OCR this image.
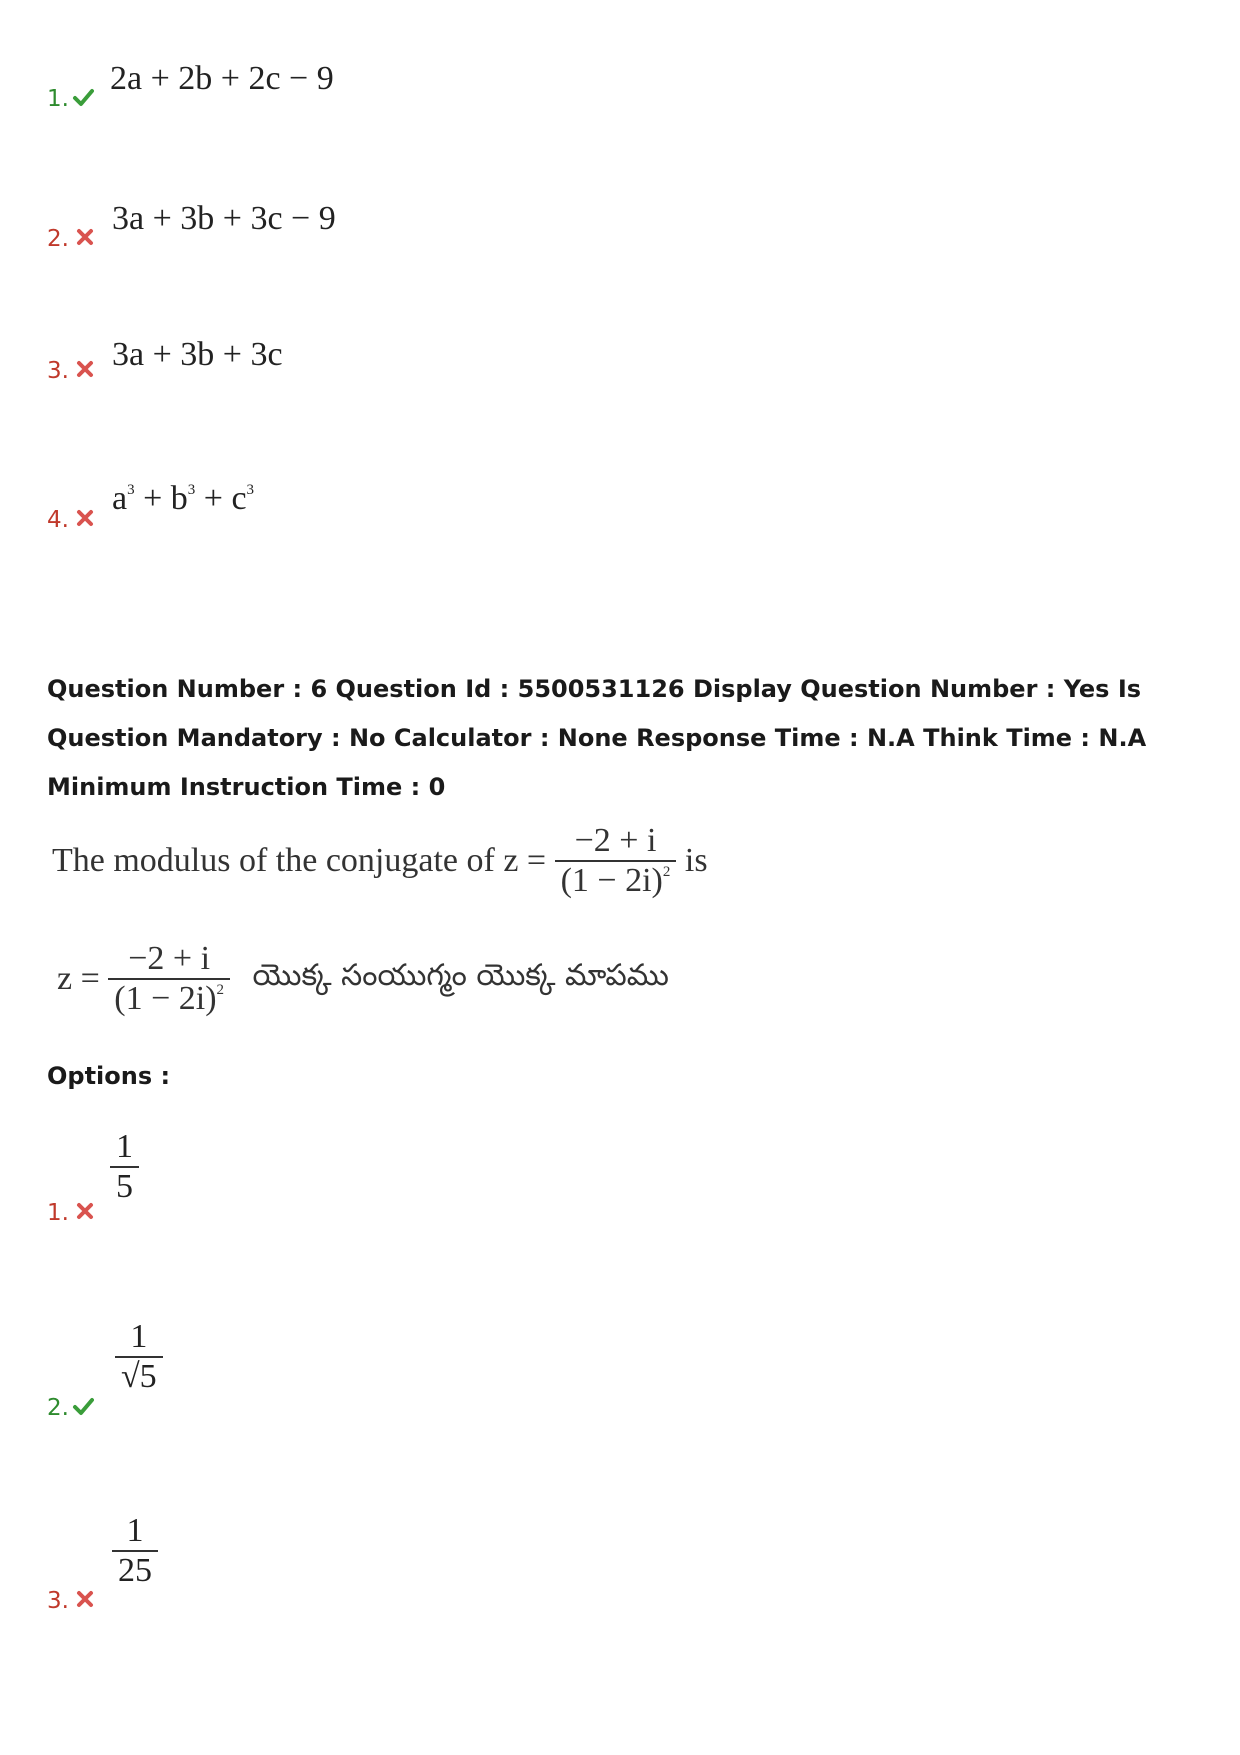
1.
2a + 2b + 2c − 9
2.
3a + 3b + 3c − 9
3. 3a + 3b + 3c
4.
$a^3 + b^3 + c^3$
Question Number : 6 Question Id : 5500531126 Display Question Number : Yes Is Question Mandatory : No Calculator : None Response Time : N.A Think Time : N.A Minimum Instruction Time : 0
The modulus of the conjugate of $z = \frac{-2 + i}{(1 - 2i)^2}$ is
$z = \frac{-2 + i}{(1 - 2i)^2}$ యొక్క సంయుగ్మం యొక్క మాపము
Options :
1.
$\frac{1}{5}$
2.
$\frac{1}{√5}$
3.
$\frac{1}{25}$
